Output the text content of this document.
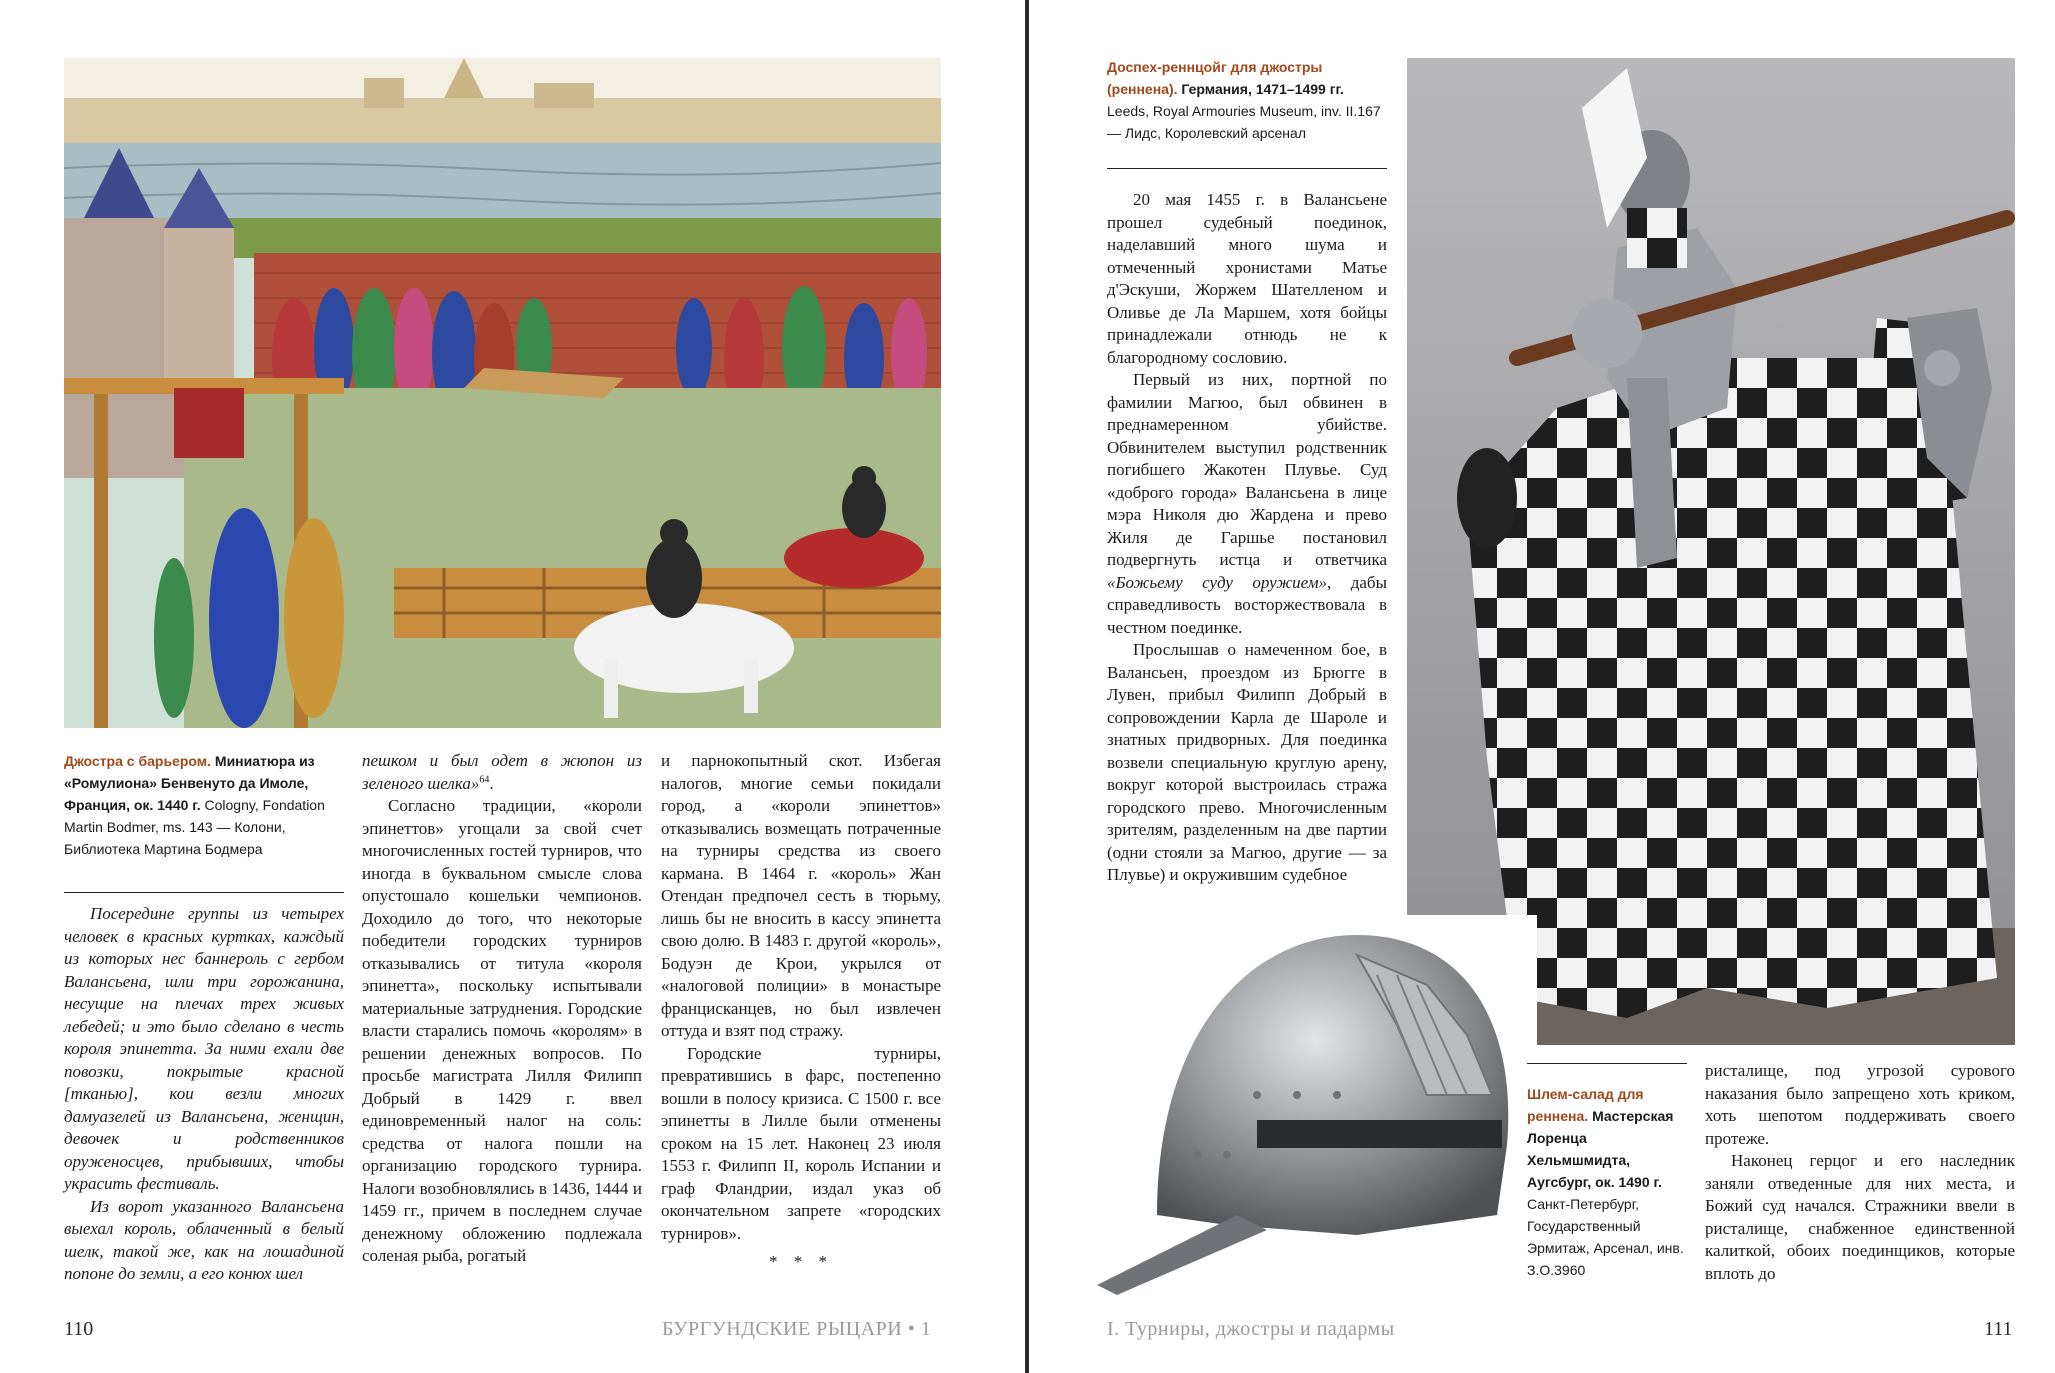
Джостра с барьером. Миниатюра из «Ромулиона» Бенвенуто да Имоле, Франция, ок. 1440 г. Cologny, Fondation Martin Bodmer, ms. 143 — Колони, Библиотека Мартина Бодмера

Посередине группы из четырех человек в красных куртках, каждый из которых нес баннероль с гербом Валансьена, шли три горожанина, несущие на плечах трех живых лебедей; и это было сделано в честь короля эпинетта. За ними ехали две повозки, покрытые красной [тканью], кои везли многих дамуазелей из Валансьена, женщин, девочек и родственников оруженосцев, прибывших, чтобы украсить фестиваль.

Из ворот указанного Валансьена выехал король, облаченный в белый шелк, такой же, как на лошадиной попоне до земли, а его конюх шел

пешком и был одет в жюпон из зеленого шелка»$^{64}$.

Согласно традиции, «короли эпинеттов» угощали за свой счет многочисленных гостей турниров, что иногда в буквальном смысле слова опустошало кошельки чемпионов. Доходило до того, что некоторые победители городских турниров отказывались от титула «короля эпинетта», поскольку испытывали материальные затруднения. Городские власти старались помочь «королям» в решении денежных вопросов. По просьбе магистрата Лилля Филипп Добрый в 1429 г. ввел единовременный налог на соль: средства от налога пошли на организацию городского турнира. Налоги возобновлялись в 1436, 1444 и 1459 гг., причем в последнем случае денежному обложению подлежала соленая рыба, рогатый

и парнокопытный скот. Избегая налогов, многие семьи покидали город, а «короли эпинеттов» отказывались возмещать потраченные на турниры средства из своего кармана. В 1464 г. «король» Жан Отендан предпочел сесть в тюрьму, лишь бы не вносить в кассу эпинетта свою долю. В 1483 г. другой «король», Бодуэн де Крои, укрылся от «налоговой полиции» в монастыре францисканцев, но был извлечен оттуда и взят под стражу.

Городские турниры, превратившись в фарс, постепенно вошли в полосу кризиса. С 1500 г. все эпинетты в Лилле были отменены сроком на 15 лет. Наконец 23 июля 1553 г. Филипп II, король Испании и граф Фландрии, издал указ об окончательном запрете «городских турниров».

* * *
110	БУРГУНДСКИЕ РЫЦАРИ • 1
Доспех-реннцойг для джостры (реннена). Германия, 1471–1499 гг. Leeds, Royal Armouries Museum, inv. II.167 — Лидс, Королевский арсенал

20 мая 1455 г. в Валансьене прошел судебный поединок, наделавший много шума и отмеченный хронистами Матье д'Эскуши, Жоржем Шателленом и Оливье де Ла Маршем, хотя бойцы принадлежали отнюдь не к благородному сословию.

Первый из них, портной по фамилии Магюо, был обвинен в преднамеренном убийстве. Обвинителем выступил родственник погибшего Жакотен Плувье. Суд «доброго города» Валансьена в лице мэра Николя дю Жардена и прево Жиля де Гаршье постановил подвергнуть истца и ответчика «Божьему суду оружием», дабы справедливость восторжествовала в честном поединке.

Прослышав о намеченном бое, в Валансьен, проездом из Брюгге в Лувен, прибыл Филипп Добрый в сопровождении Карла де Шароле и знатных придворных. Для поединка возвели специальную круглую арену, вокруг которой выстроилась стража городского прево. Многочисленным зрителям, разделенным на две партии (одни стояли за Магюо, другие — за Плувье) и окружившим судебное

Шлем-салад для реннена. Мастерская Лоренца Хельмшмидта, Аугсбург, ок. 1490 г. Санкт-Петербург, Государственный Эрмитаж, Арсенал, инв. З.О.3960

ристалище, под угрозой сурового наказания было запрещено хоть криком, хоть шепотом поддерживать своего протеже.

Наконец герцог и его наследник заняли отведенные для них места, и Божий суд начался. Стражники ввели в ристалище, снабженное единственной калиткой, обоих поединщиков, которые вплоть до

I. Турниры, джостры и падармы	111
